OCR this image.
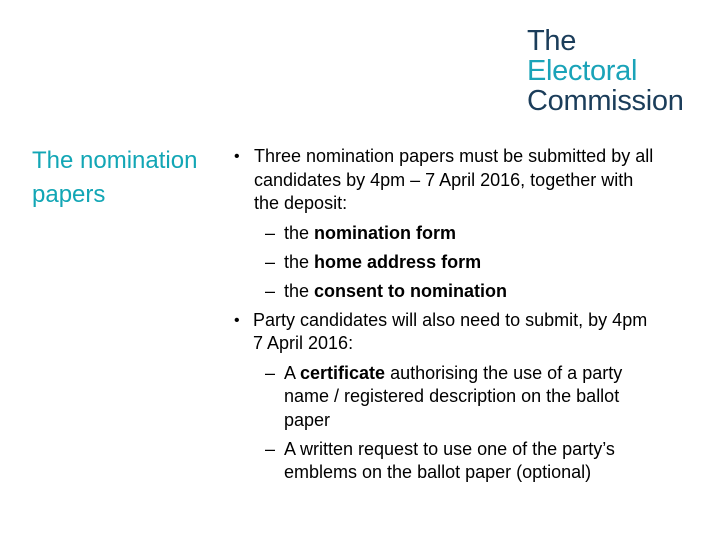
The
Electoral
Commission
The nomination
papers
• Three nomination papers must be submitted by all
candidates by 4pm – 7 April 2016, together with
the deposit:
– the nomination form
– the home address form
– the consent to nomination
• Party candidates will also need to submit, by 4pm
7 April 2016:
– A certificate authorising the use of a party
name / registered description on the ballot
paper
– A written request to use one of the party’s
emblems on the ballot paper (optional)
